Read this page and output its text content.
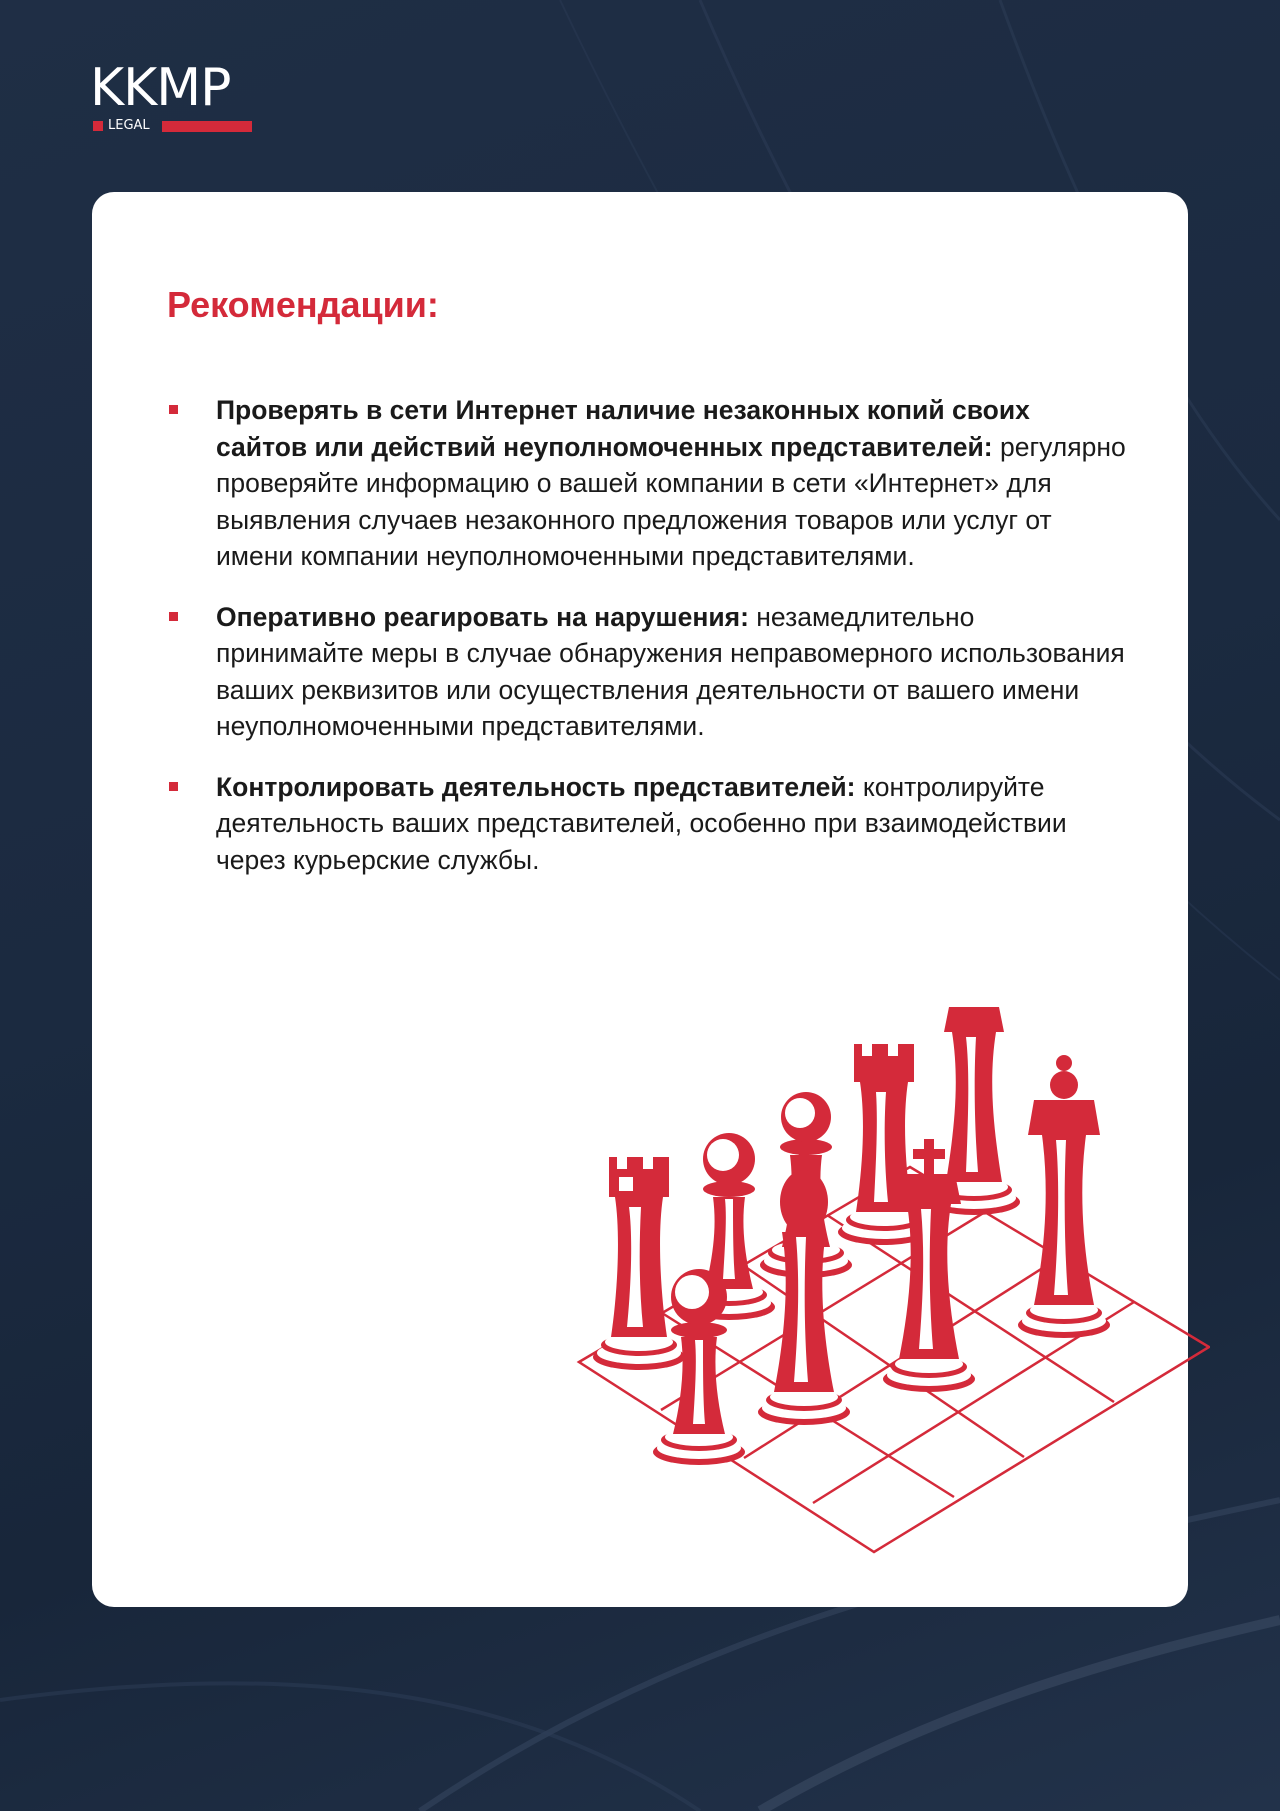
KKMP
LEGAL
Рекомендации:
Проверять в сети Интернет наличие незаконных копий своих сайтов или действий неуполномоченных представителей: регулярно проверяйте информацию о вашей компании в сети «Интернет» для выявления случаев незаконного предложения товаров или услуг от имени компании неуполномоченными представителями.
Оперативно реагировать на нарушения: незамедлительно принимайте меры в случае обнаружения неправомерного использования ваших реквизитов или осуществления деятельности от вашего имени неуполномоченными представителями.
Контролировать деятельность представителей: контролируйте деятельность ваших представителей, особенно при взаимодействии через курьерские службы.
